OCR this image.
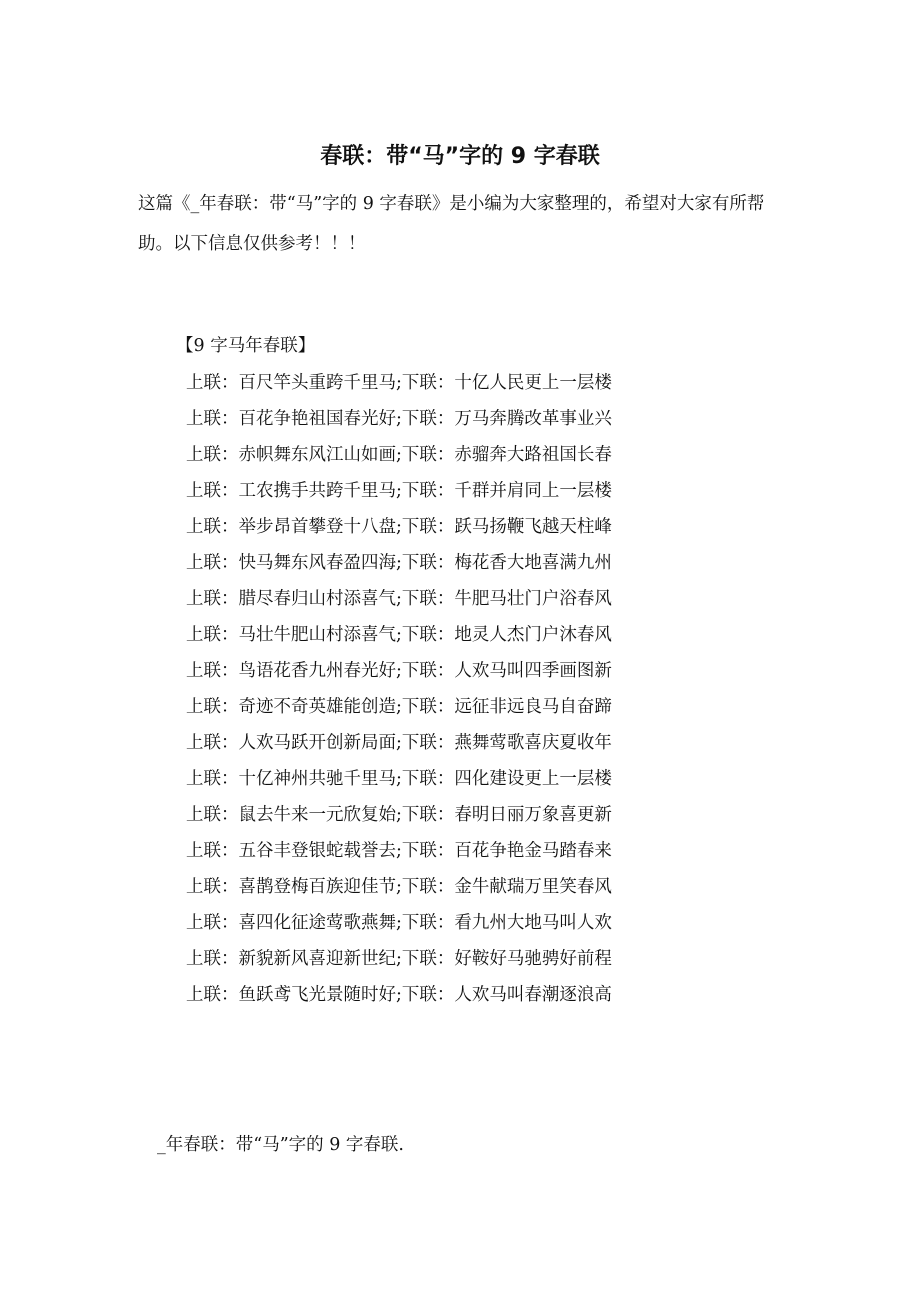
春联：带“马”字的 9 字春联
这篇《_年春联：带“马”字的 9 字春联》是小编为大家整理的，希望对大家有所帮助。以下信息仅供参考！！！
【9 字马年春联】
上联：百尺竿头重跨千里马;下联：十亿人民更上一层楼
上联：百花争艳祖国春光好;下联：万马奔腾改革事业兴
上联：赤帜舞东风江山如画;下联：赤骝奔大路祖国长春
上联：工农携手共跨千里马;下联：千群并肩同上一层楼
上联：举步昂首攀登十八盘;下联：跃马扬鞭飞越天柱峰
上联：快马舞东风春盈四海;下联：梅花香大地喜满九州
上联：腊尽春归山村添喜气;下联：牛肥马壮门户浴春风
上联：马壮牛肥山村添喜气;下联：地灵人杰门户沐春风
上联：鸟语花香九州春光好;下联：人欢马叫四季画图新
上联：奇迹不奇英雄能创造;下联：远征非远良马自奋蹄
上联：人欢马跃开创新局面;下联：燕舞莺歌喜庆夏收年
上联：十亿神州共驰千里马;下联：四化建设更上一层楼
上联：鼠去牛来一元欣复始;下联：春明日丽万象喜更新
上联：五谷丰登银蛇载誉去;下联：百花争艳金马踏春来
上联：喜鹊登梅百族迎佳节;下联：金牛献瑞万里笑春风
上联：喜四化征途莺歌燕舞;下联：看九州大地马叫人欢
上联：新貌新风喜迎新世纪;下联：好鞍好马驰骋好前程
上联：鱼跃鸢飞光景随时好;下联：人欢马叫春潮逐浪高
_年春联：带“马”字的 9 字春联.
